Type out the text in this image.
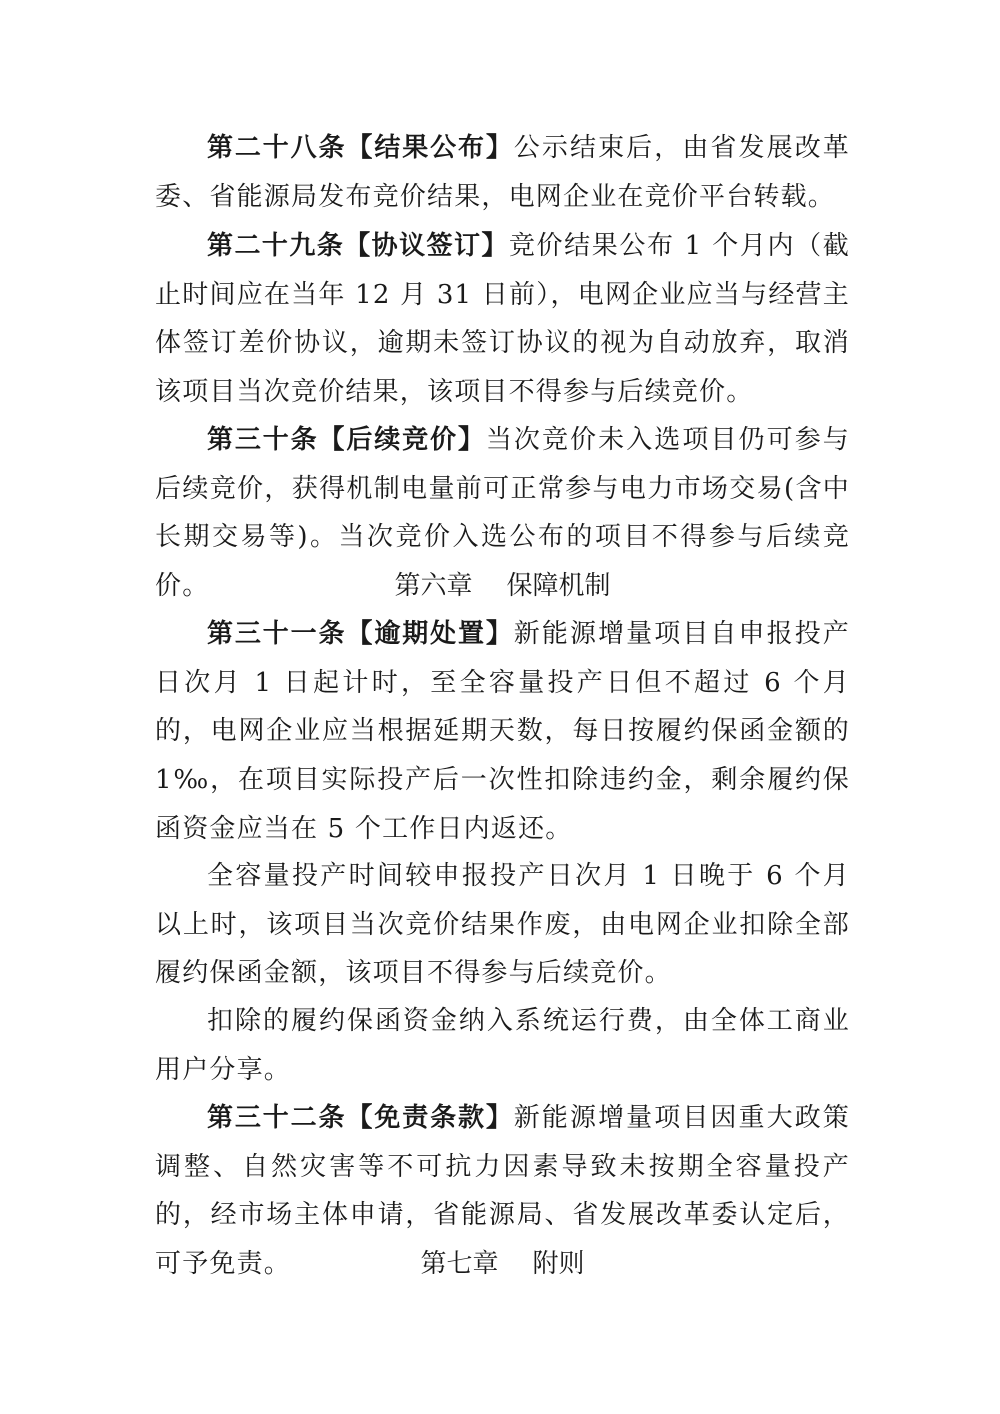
第二十八条【结果公布】公示结束后，由省发展改革委、省能源局发布竞价结果，电网企业在竞价平台转载。

第二十九条【协议签订】竞价结果公布 1 个月内（截止时间应在当年 12 月 31 日前），电网企业应当与经营主体签订差价协议，逾期未签订协议的视为自动放弃，取消该项目当次竞价结果，该项目不得参与后续竞价。

第三十条【后续竞价】当次竞价未入选项目仍可参与后续竞价，获得机制电量前可正常参与电力市场交易(含中长期交易等)。当次竞价入选公布的项目不得参与后续竞价。	第六章 保障机制

第三十一条【逾期处置】新能源增量项目自申报投产日次月 1 日起计时，至全容量投产日但不超过 6 个月的，电网企业应当根据延期天数，每日按履约保函金额的 1‰，在项目实际投产后一次性扣除违约金，剩余履约保函资金应当在 5 个工作日内返还。

全容量投产时间较申报投产日次月 1 日晚于 6 个月以上时，该项目当次竞价结果作废，由电网企业扣除全部履约保函金额，该项目不得参与后续竞价。

扣除的履约保函资金纳入系统运行费，由全体工商业用户分享。

第三十二条【免责条款】新能源增量项目因重大政策调整、自然灾害等不可抗力因素导致未按期全容量投产的，经市场主体申请，省能源局、省发展改革委认定后，可予免责。	第七章 附则
